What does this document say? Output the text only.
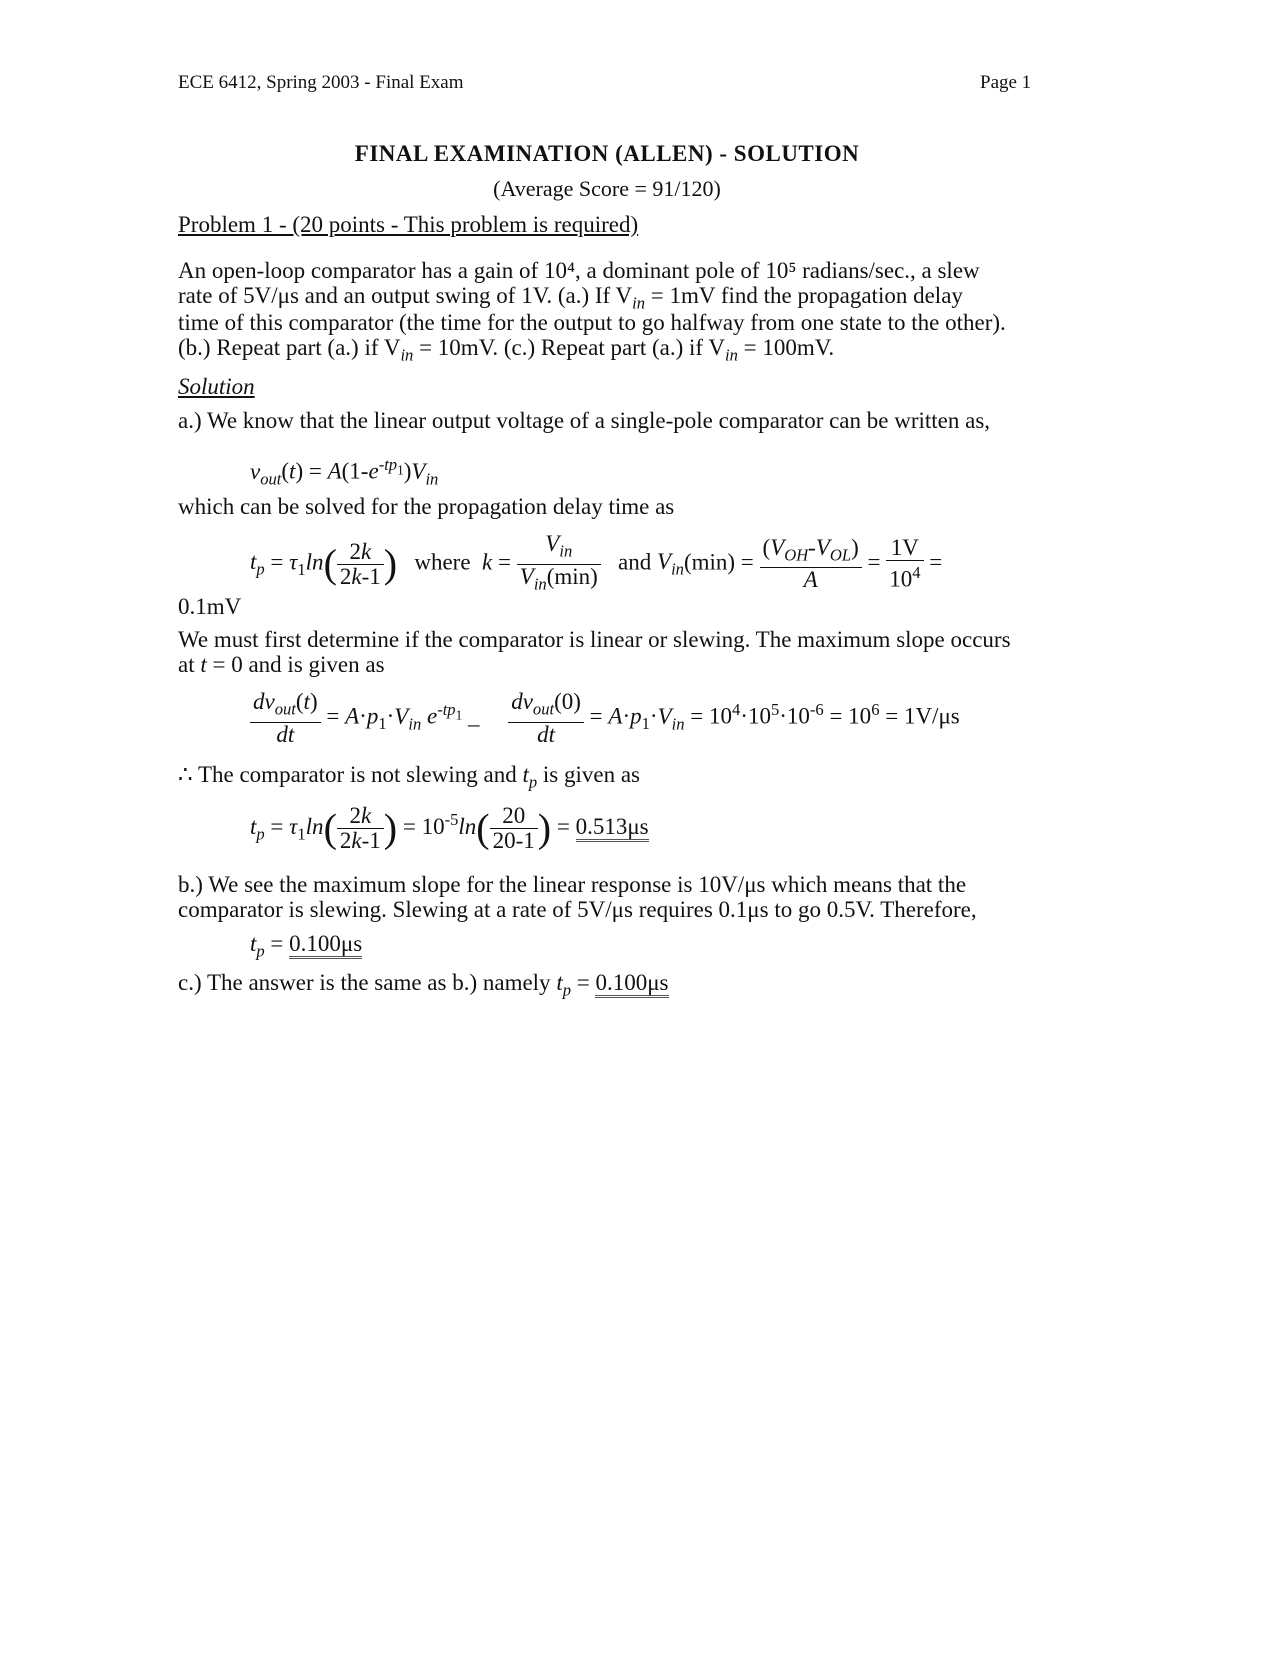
ECE 6412, Spring 2003 - Final Exam	Page 1
FINAL EXAMINATION (ALLEN) - SOLUTION
(Average Score = 91/120)
Problem 1 - (20 points - This problem is required)
An open-loop comparator has a gain of 10⁴, a dominant pole of 10⁵ radians/sec., a slew
rate of 5V/μs and an output swing of 1V. (a.) If $V_{in} = 1mV$ find the propagation delay
time of this comparator (the time for the output to go halfway from one state to the other).
(b.) Repeat part (a.) if $V_{in} = 10mV$. (c.) Repeat part (a.) if $V_{in} = 100mV$.
Solution
a.) We know that the linear output voltage of a single-pole comparator can be written as,
$v_{out}(t) = A(1-e^{-tp_1})V_{in}$
which can be solved for the propagation delay time as
$t_p = \tau_1\ln( \frac{2k}{2k-1}$ )   where  $k = \frac{V_{in}}{V_{in}(\min)}$ and $V_{in}(\min) = \frac{(V_{OH}-V_{OL})}{A} = \frac{1V}{10^4}$ =
0.1mV
We must first determine if the comparator is linear or slewing. The maximum slope occurs
at t = 0 and is given as
$\frac{dv_{out}(t)}{dt} = A\cdot p_1\cdot V_{in}$ $e^{-tp_1} - \frac{dv_{out}(0)}{dt} = A\cdot p_1\cdot V_{in} = 10^4\cdot 10^5\cdot 10^{-6} = 10^6 = 1V/\mu s$
∴ The comparator is not slewing and $t_p$ is given as
$t_p = \tau_1\ln( \frac{2k}{2k-1}$ ) = $10^{-5}\ln( \frac{20}{20-1}$ ) = 0.513μs
b.) We see the maximum slope for the linear response is 10V/μs which means that the
comparator is slewing. Slewing at a rate of 5V/μs requires 0.1μs to go 0.5V. Therefore,
$t_p = 0.100\mu s$
c.) The answer is the same as b.) namely $t_p = 0.100\mu s$
